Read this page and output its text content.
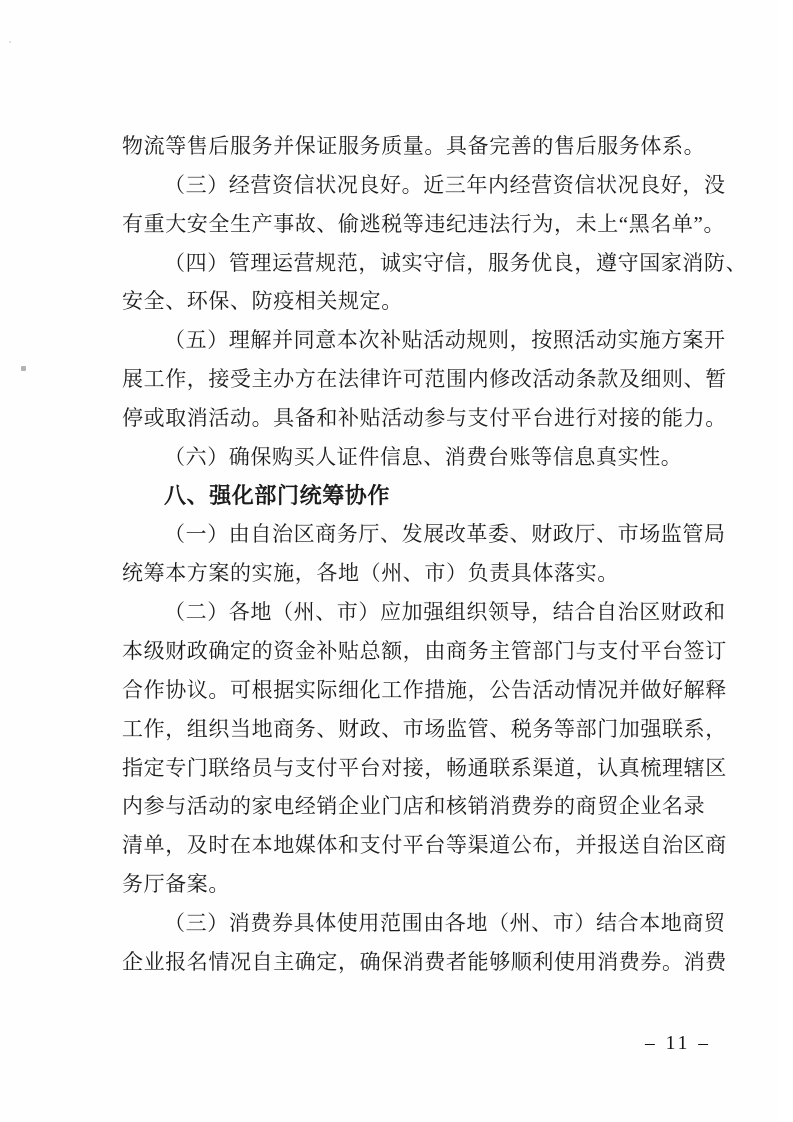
物流等售后服务并保证服务质量。具备完善的售后服务体系。
（三）经营资信状况良好。近三年内经营资信状况良好，没
有重大安全生产事故、偷逃税等违纪违法行为，未上“黑名单”。
（四）管理运营规范，诚实守信，服务优良，遵守国家消防、
安全、环保、防疫相关规定。
（五）理解并同意本次补贴活动规则，按照活动实施方案开
展工作，接受主办方在法律许可范围内修改活动条款及细则、暂
停或取消活动。具备和补贴活动参与支付平台进行对接的能力。
（六）确保购买人证件信息、消费台账等信息真实性。
八、强化部门统筹协作
（一）由自治区商务厅、发展改革委、财政厅、市场监管局
统筹本方案的实施，各地（州、市）负责具体落实。
（二）各地（州、市）应加强组织领导，结合自治区财政和
本级财政确定的资金补贴总额，由商务主管部门与支付平台签订
合作协议。可根据实际细化工作措施，公告活动情况并做好解释
工作，组织当地商务、财政、市场监管、税务等部门加强联系，
指定专门联络员与支付平台对接，畅通联系渠道，认真梳理辖区
内参与活动的家电经销企业门店和核销消费券的商贸企业名录
清单，及时在本地媒体和支付平台等渠道公布，并报送自治区商
务厅备案。
（三）消费券具体使用范围由各地（州、市）结合本地商贸
企业报名情况自主确定，确保消费者能够顺利使用消费券。消费
– 11 –
